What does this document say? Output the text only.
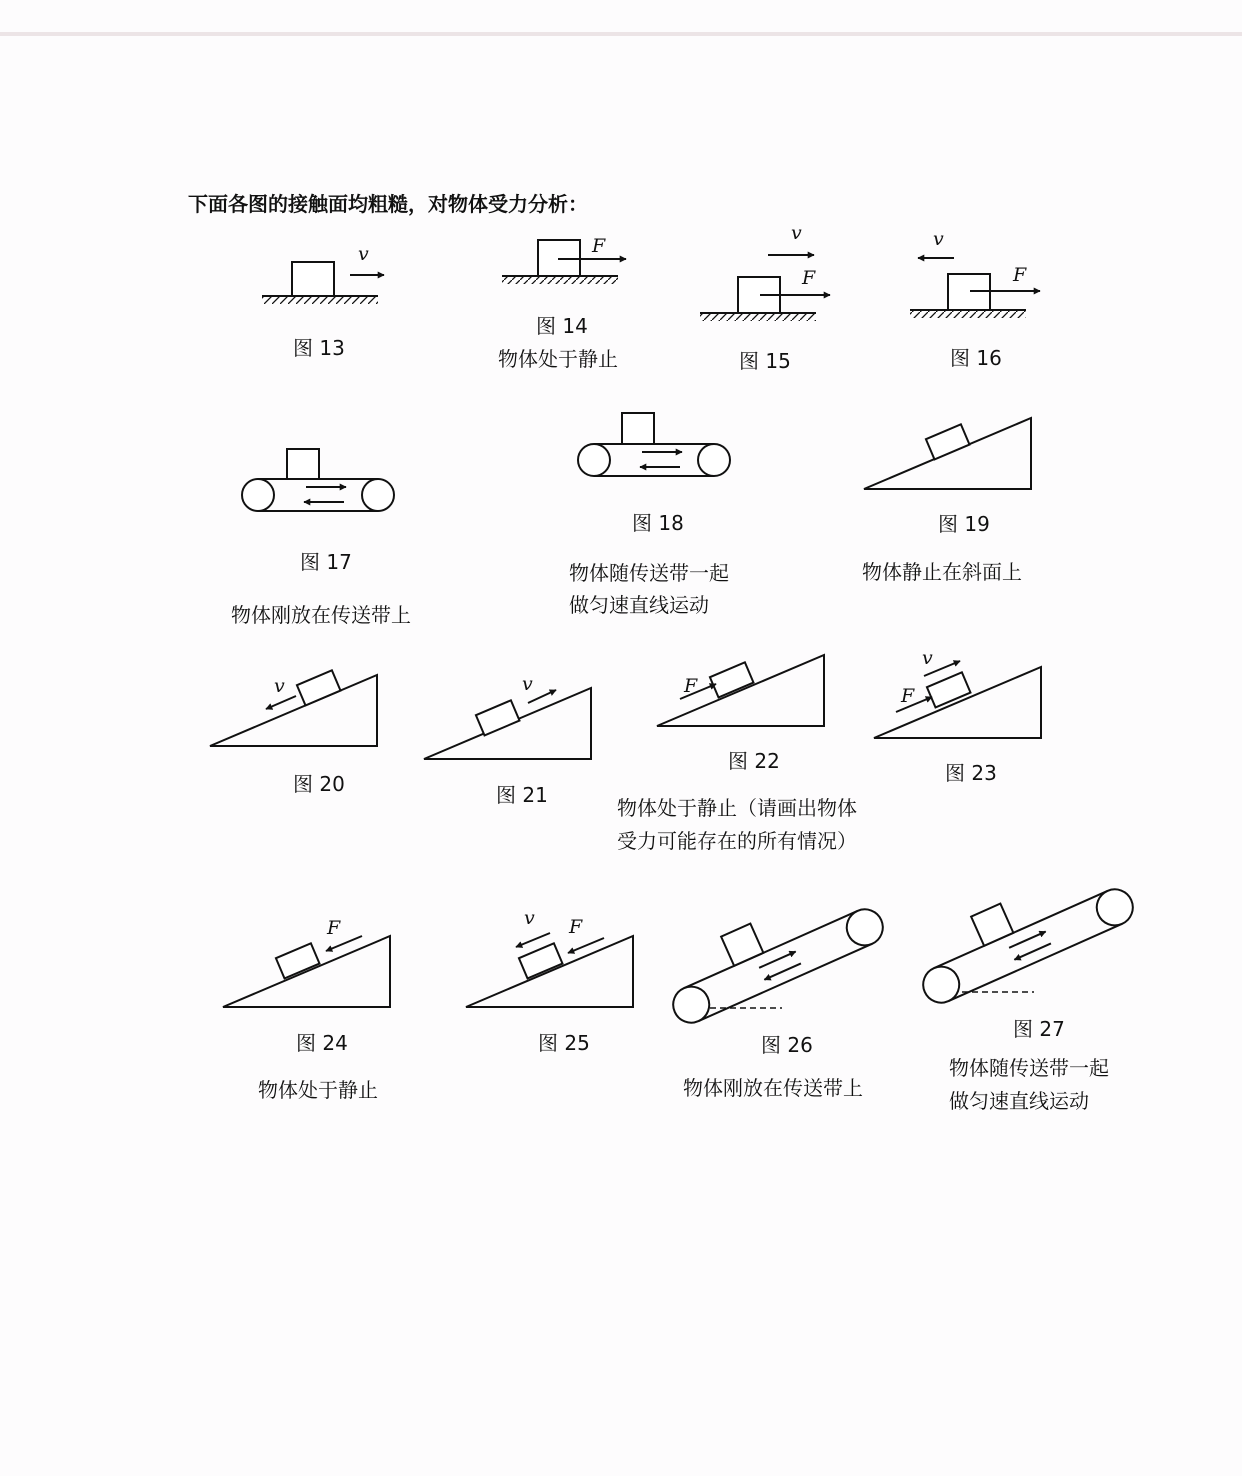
下面各图的接触面均粗糙，对物体受力分析：
v	F
v
F
v
F
v	v	F
v
F
F	v F
图 13
图 14
物体处于静止	图 15	图 16
图 17
物体刚放在传送带上
图 18
物体随传送带一起
做匀速直线运动
图 19
物体静止在斜面上
图 20	图 21
图 22
物体处于静止（请画出物体
受力可能存在的所有情况）
图 23
图 24
物体处于静止
图 25	图 26
物体刚放在传送带上
图 27
物体随传送带一起
做匀速直线运动
